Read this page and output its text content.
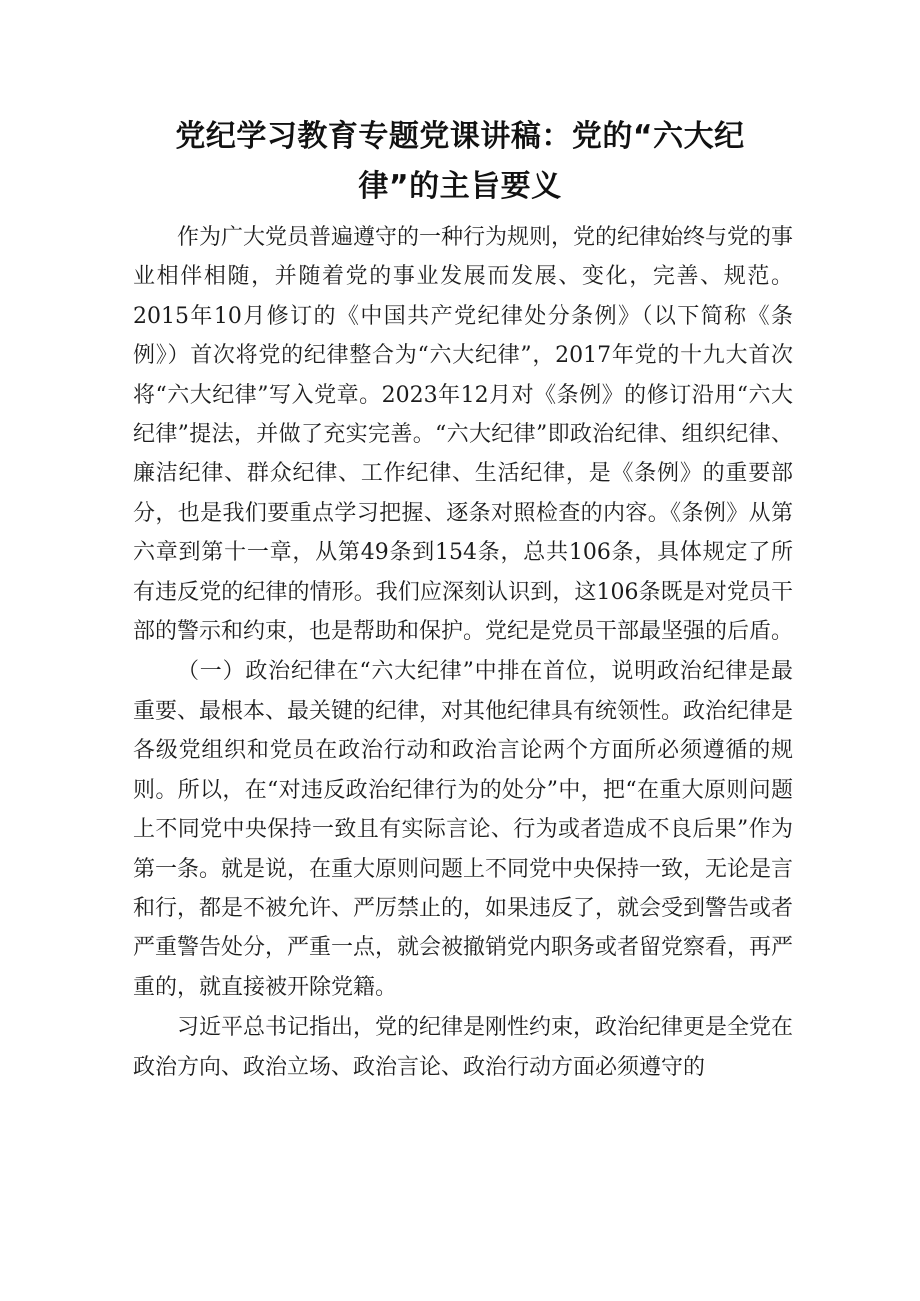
党纪学习教育专题党课讲稿：党的“六大纪
律”的主旨要义

作为广大党员普遍遵守的一种行为规则，党的纪律始终与党的事业相伴相随，并随着党的事业发展而发展、变化，完善、规范。2015年10月修订的《中国共产党纪律处分条例》（以下简称《条例》）首次将党的纪律整合为“六大纪律”，2017年党的十九大首次将“六大纪律”写入党章。2023年12月对《条例》的修订沿用“六大纪律”提法，并做了充实完善。“六大纪律”即政治纪律、组织纪律、廉洁纪律、群众纪律、工作纪律、生活纪律，是《条例》的重要部分，也是我们要重点学习把握、逐条对照检查的内容。《条例》从第六章到第十一章，从第49条到154条，总共106条，具体规定了所有违反党的纪律的情形。我们应深刻认识到，这106条既是对党员干部的警示和约束，也是帮助和保护。党纪是党员干部最坚强的后盾。

（一）政治纪律在“六大纪律”中排在首位，说明政治纪律是最重要、最根本、最关键的纪律，对其他纪律具有统领性。政治纪律是各级党组织和党员在政治行动和政治言论两个方面所必须遵循的规则。所以，在“对违反政治纪律行为的处分”中，把“在重大原则问题上不同党中央保持一致且有实际言论、行为或者造成不良后果”作为第一条。就是说，在重大原则问题上不同党中央保持一致，无论是言和行，都是不被允许、严厉禁止的，如果违反了，就会受到警告或者严重警告处分，严重一点，就会被撤销党内职务或者留党察看，再严重的，就直接被开除党籍。

习近平总书记指出，党的纪律是刚性约束，政治纪律更是全党在政治方向、政治立场、政治言论、政治行动方面必须遵守的
